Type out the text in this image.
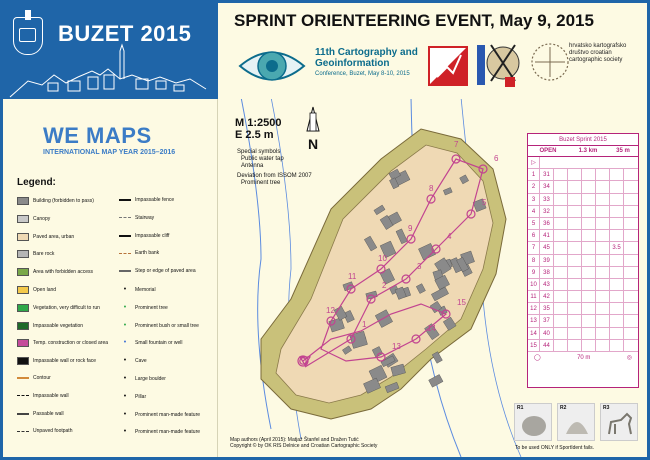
BUZET 2015
SPRINT ORIENTEERING EVENT, May 9, 2015
11th Cartography and Geoinformation
Conference, Buzet, May 8-10, 2015
hrvatsko kartografsko društvo croatian cartographic society
WE MAPS
INTERNATIONAL MAP YEAR 2015–2016
Legend:
Building (forbidden to pass)
Canopy
Paved area, urban
Bare rock
Area with forbidden access
Open land
Vegetation, very difficult to run
Impassable vegetation
Temp. construction or closed area
Impassable wall or rock face
Contour
Impassable wall
Passable wall
Unpaved footpath
Impassable fence
Stairway
Impassable cliff
Earth bank
Step or edge of paved area
•	Memorial
•	Prominent tree
•	Prominent bush or small tree
•	Small fountain or well
•	Cave
•	Large boulder
•	Pillar
•	Prominent man-made feature
•	Prominent man-made feature
1
2
3
4
5
6
7
8
9
10
11
12
13
14
15
M 1:2500
E 2.5 m
Special symbols
Public water tap
Antenna
Deviation from ISSOM 2007
Prominent tree
N
Map authors (April 2015): Matjaž Štanfel and Dražen Tutić
Copyright © by OK RIS Delnice and Croatian Cartographic Society
Buzet Sprint 2015
OPEN	1.3 km	35 m
▷
1	31
2	34
3	33
4	32
5	36
6	41
7	45	3.5
8	39
9	38
10	43
11	42
12	35
13	37
14	40
15	44
◯	70 m	◎
R1	R2	R3
To be used ONLY if SportIdent fails.
